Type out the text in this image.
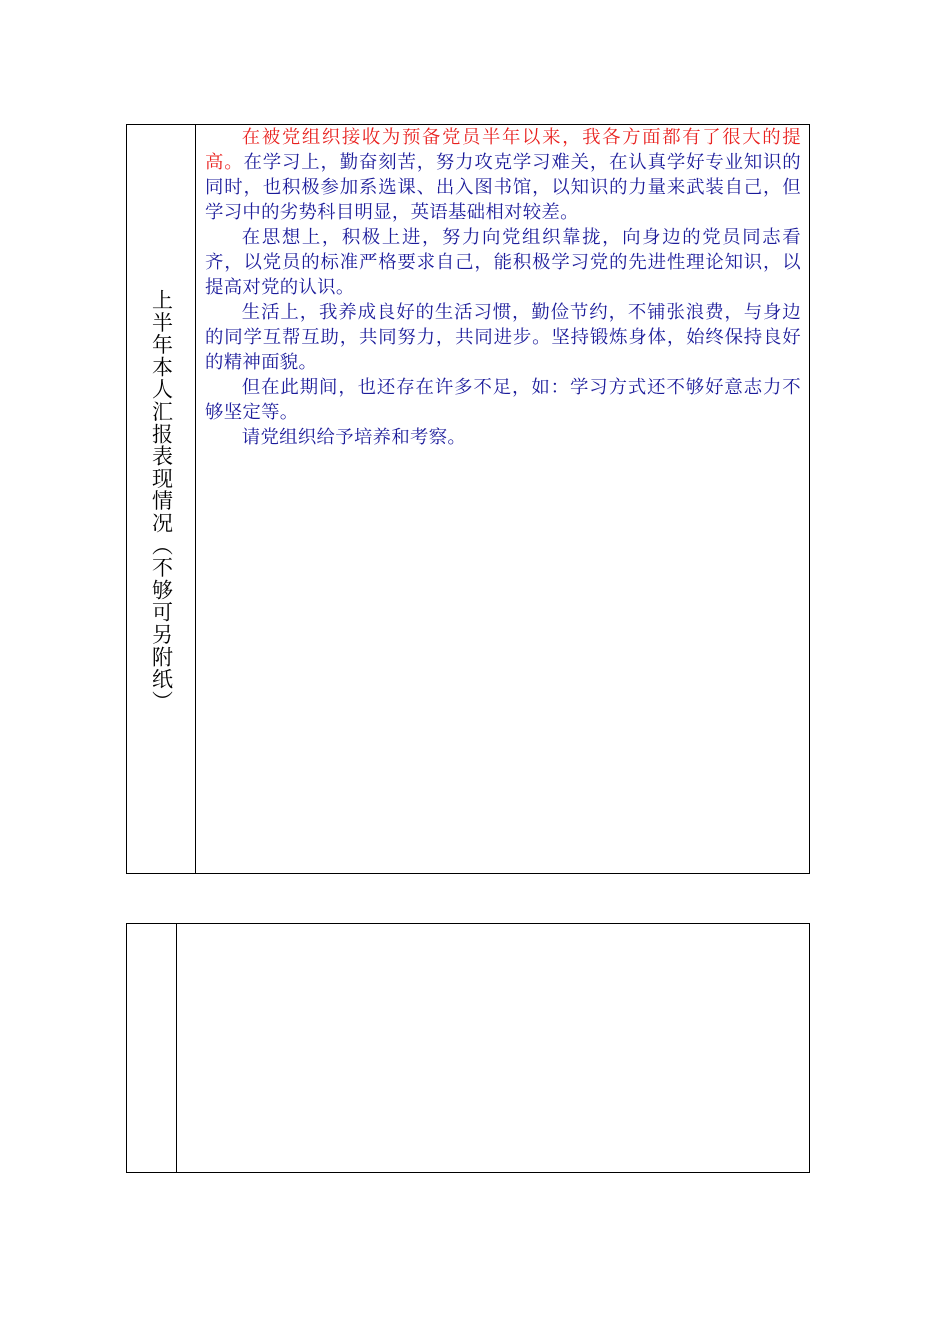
上半年本人汇报表现情况（不够可另附纸）

在被党组织接收为预备党员半年以来，我各方面都有了很大的提高。在学习上，勤奋刻苦，努力攻克学习难关，在认真学好专业知识的同时，也积极参加系选课、出入图书馆，以知识的力量来武装自己，但学习中的劣势科目明显，英语基础相对较差。

在思想上，积极上进，努力向党组织靠拢，向身边的党员同志看齐，以党员的标准严格要求自己，能积极学习党的先进性理论知识，以提高对党的认识。

生活上，我养成良好的生活习惯，勤俭节约，不铺张浪费，与身边的同学互帮互助，共同努力，共同进步。坚持锻炼身体，始终保持良好的精神面貌。

但在此期间，也还存在许多不足，如：学习方式还不够好意志力不够坚定等。

请党组织给予培养和考察。
